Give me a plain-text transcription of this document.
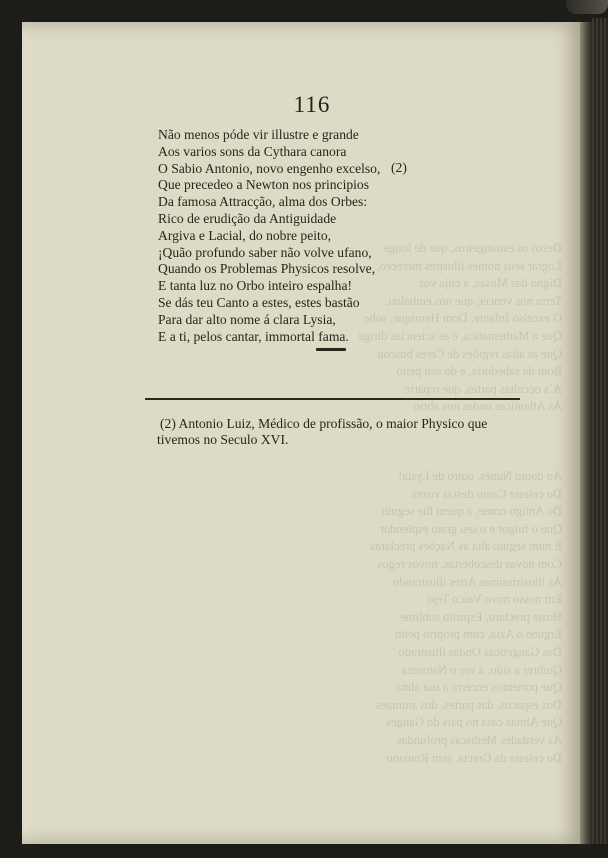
Deixo os estrangeiros, que de longe
Lograr seus nomes illustres mereceo,
Digno das Musas, a cuja voz
Terra nos vencer, que nos embalou,
O excelso Infante, Dom Henrique, sobe
Que a Mathematica, e as sciencias dirige
Que as altas regiões de Ceres buscou
Bom da sabedoria, e do seu peito
A´s occultas partes, que reparte
As Atlanticas ondas nos abrio
Ao douto Nunes, outro de Lysia!
Do celeste Canto destas vozes
Do Antigo nome, a quem lhe seguio
Que o fulgor e o seu grato esplendor
E num seguio alta as Nações preclaras
Com novas descobertas, novos regos
As illustrissimas Artes illustrando
Em nosso novo Vasco Tejo
Hoste preclaro, Espirito sublime
Ergueo o Azia, com proprio peito
Das Gangeticas Ondas illustrado
Quibrer a sido, a ver o Natureza
Que portentos encerra a sua alma
Dos espacos, das partes, dos animaes
Que Almas casa no pais do Ganges
As verdades Mediscas profundas
Do celeste da Grecia, sem Romano
116
Não menos póde vir illustre e grande
Aos varios sons da Cythara canora
O Sabio Antonio, novo engenho excelso,
Que precedeo a Newton nos principios
Da famosa Attracção, alma dos Orbes:
Rico de erudição da Antiguidade
Argiva e Lacial, do nobre peito,
¡Quão profundo saber não volve ufano,
Quando os Problemas Physicos resolve,
E tanta luz no Orbo inteiro espalha!
Se dás teu Canto a estes, estes bastão
Para dar alto nome á clara Lysia,
E a ti, pelos cantar, immortal fama.
(2)
(2) Antonio Luiz, Médico de profissão, o maior Physico que
tivemos no Seculo XVI.
